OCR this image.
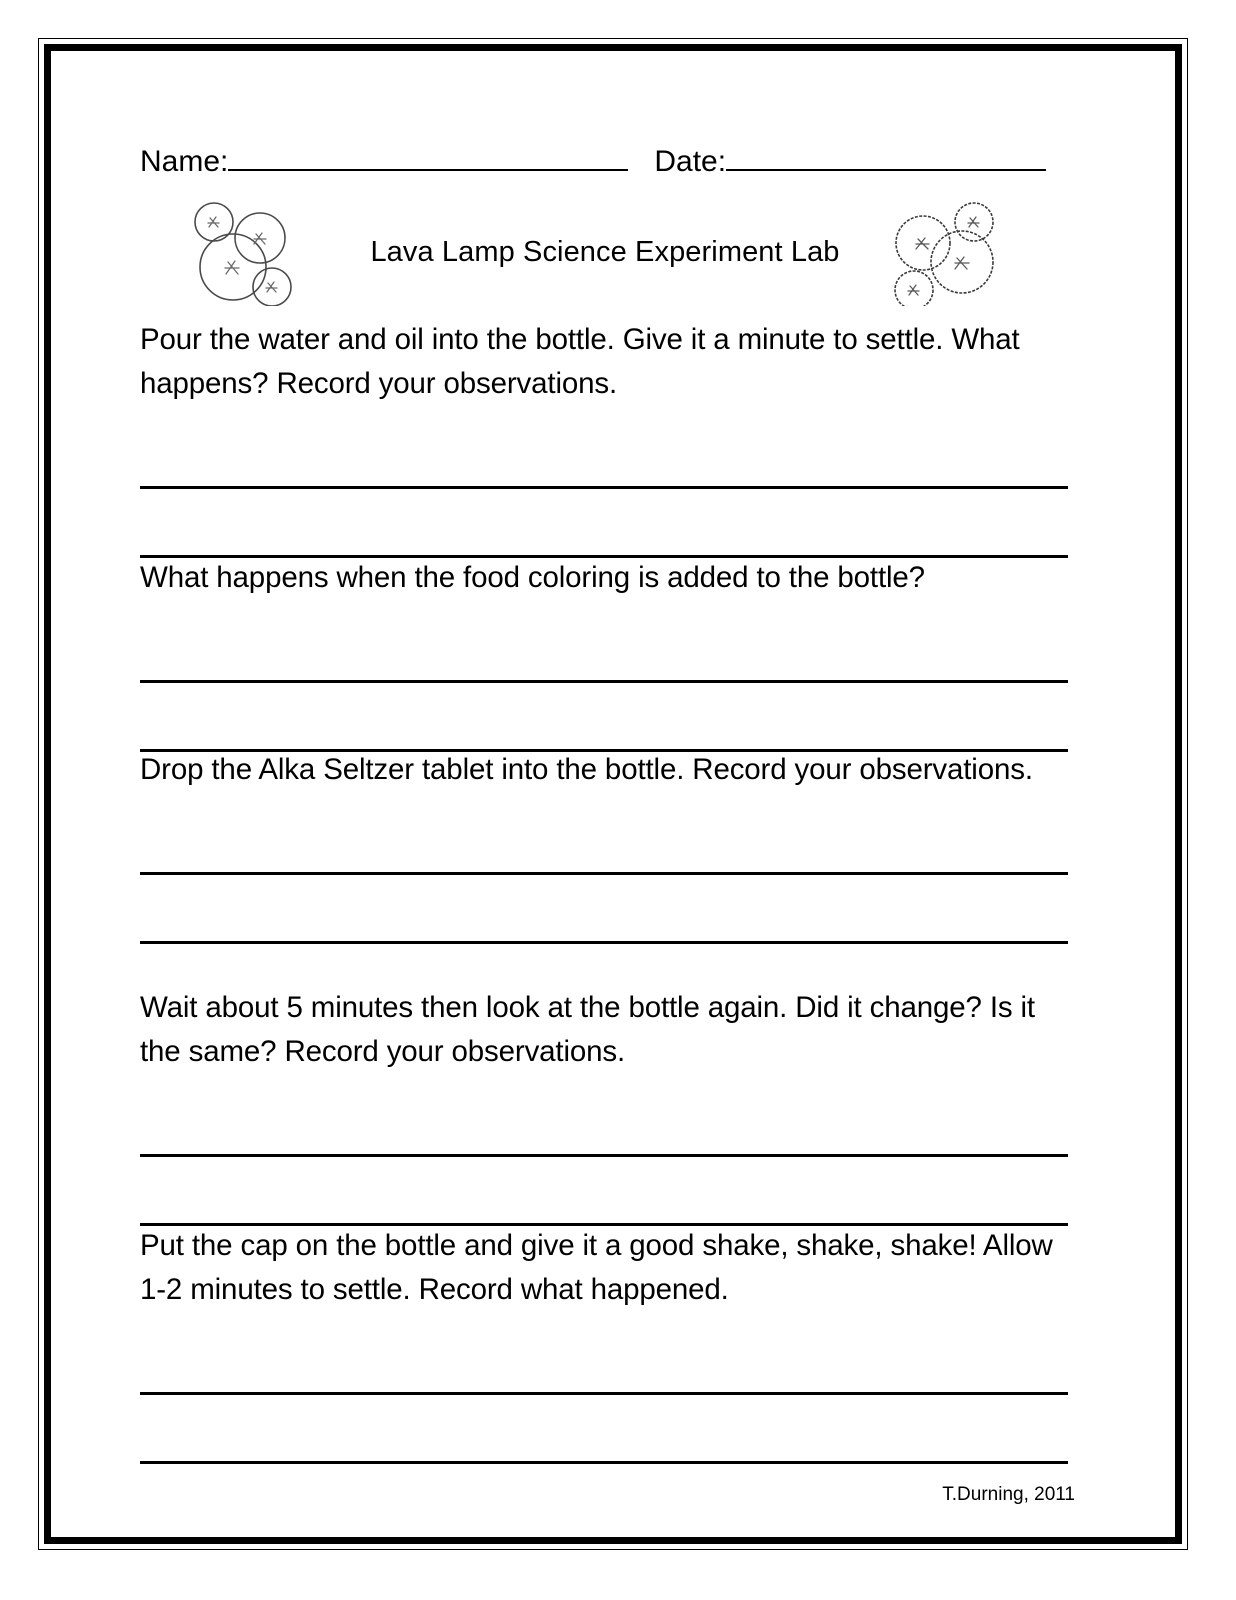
Name:	Date:
Lava Lamp Science Experiment Lab
Pour the water and oil into the bottle. Give it a minute to settle. What happens? Record your observations.
What happens when the food coloring is added to the bottle?
Drop the Alka Seltzer tablet into the bottle. Record your observations.
Wait about 5 minutes then look at the bottle again. Did it change? Is it the same? Record your observations.
Put the cap on the bottle and give it a good shake, shake, shake! Allow 1-2 minutes to settle. Record what happened.
T.Durning, 2011
